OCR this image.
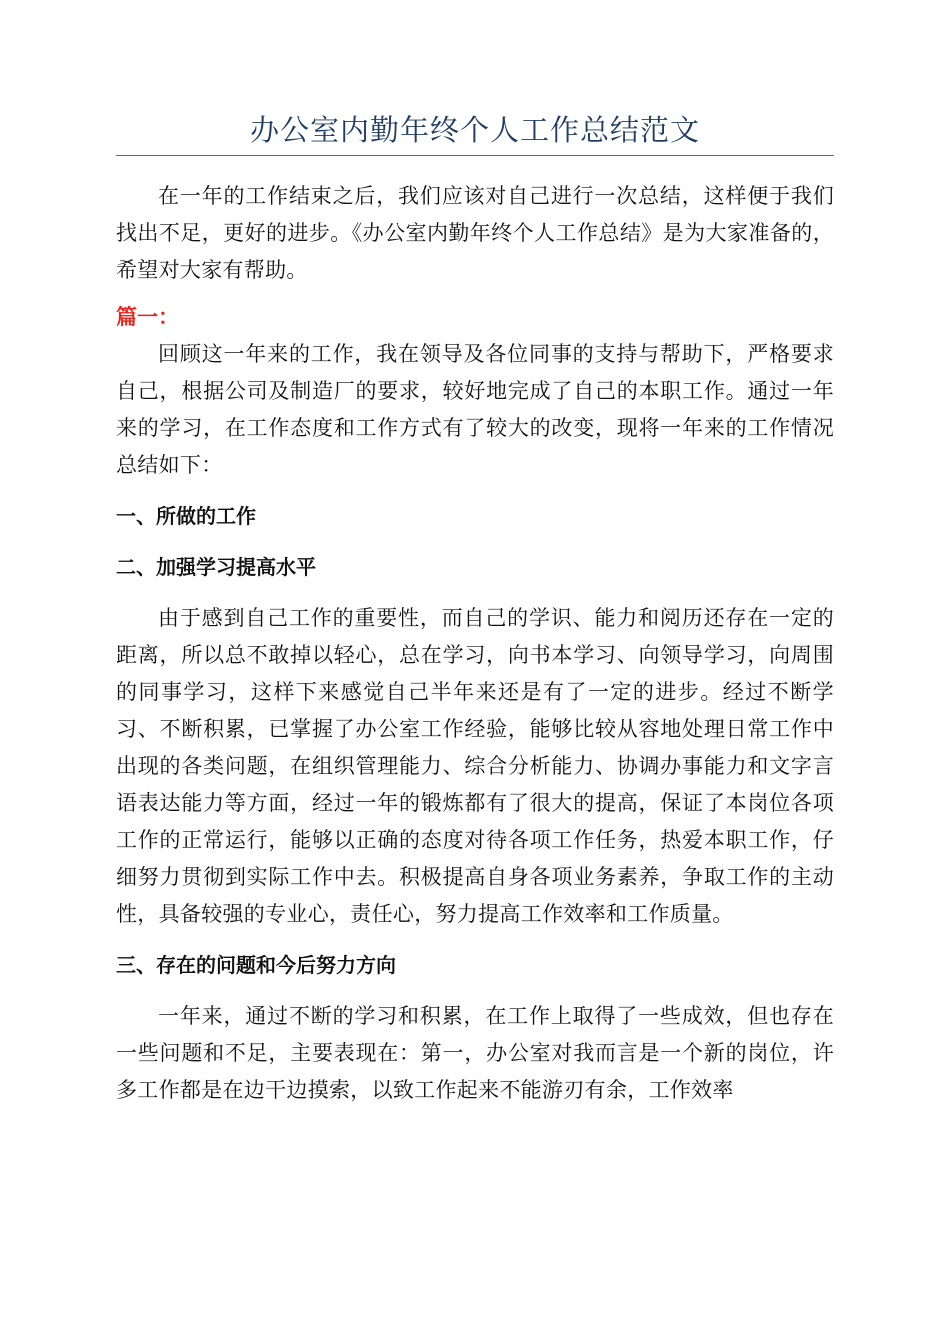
办公室内勤年终个人工作总结范文

在一年的工作结束之后，我们应该对自己进行一次总结，这样便于我们找出不足，更好的进步。《办公室内勤年终个人工作总结》是为大家准备的，希望对大家有帮助。

篇一：

回顾这一年来的工作，我在领导及各位同事的支持与帮助下，严格要求自己，根据公司及制造厂的要求，较好地完成了自己的本职工作。通过一年来的学习，在工作态度和工作方式有了较大的改变，现将一年来的工作情况总结如下：

一、所做的工作

二、加强学习提高水平

由于感到自己工作的重要性，而自己的学识、能力和阅历还存在一定的距离，所以总不敢掉以轻心，总在学习，向书本学习、向领导学习，向周围的同事学习，这样下来感觉自己半年来还是有了一定的进步。经过不断学习、不断积累，已掌握了办公室工作经验，能够比较从容地处理日常工作中出现的各类问题，在组织管理能力、综合分析能力、协调办事能力和文字言语表达能力等方面，经过一年的锻炼都有了很大的提高，保证了本岗位各项工作的正常运行，能够以正确的态度对待各项工作任务，热爱本职工作，仔细努力贯彻到实际工作中去。积极提高自身各项业务素养，争取工作的主动性，具备较强的专业心，责任心，努力提高工作效率和工作质量。

三、存在的问题和今后努力方向

一年来，通过不断的学习和积累，在工作上取得了一些成效，但也存在一些问题和不足，主要表现在：第一，办公室对我而言是一个新的岗位，许多工作都是在边干边摸索，以致工作起来不能游刃有余，工作效率
